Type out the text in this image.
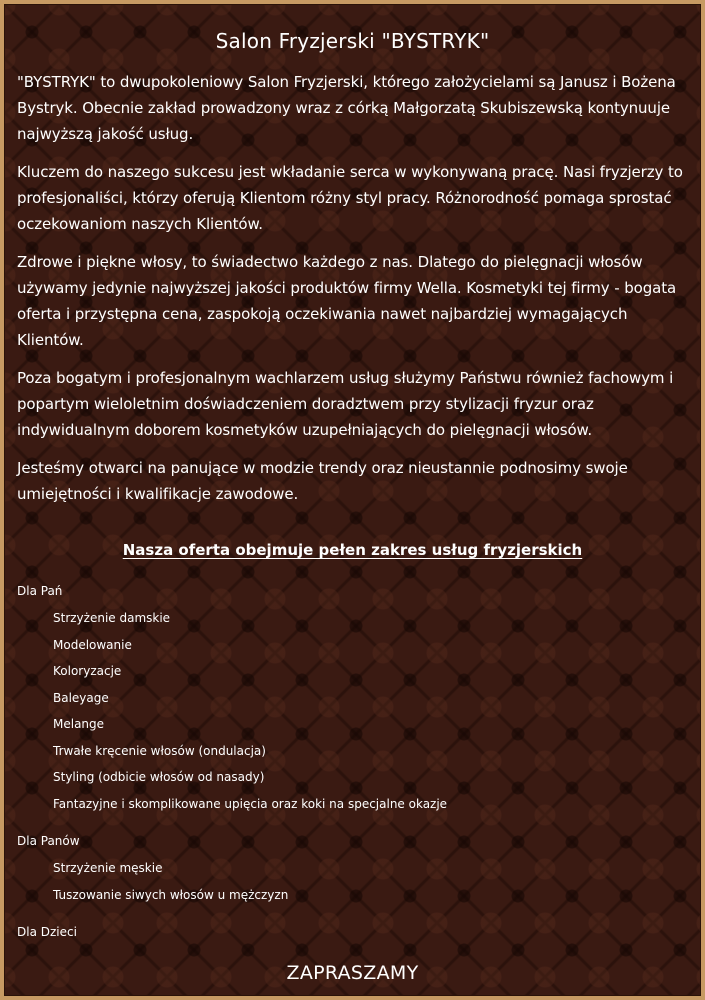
Salon Fryzjerski "BYSTRYK"

"BYSTRYK" to dwupokoleniowy Salon Fryzjerski, którego założycielami są Janusz i Bożena Bystryk. Obecnie zakład prowadzony wraz z córką Małgorzatą Skubiszewską kontynuuje najwyższą jakość usług.

Kluczem do naszego sukcesu jest wkładanie serca w wykonywaną pracę. Nasi fryzjerzy to profesjonaliści, którzy oferują Klientom różny styl pracy. Różnorodność pomaga sprostać oczekowaniom naszych Klientów.

Zdrowe i piękne włosy, to świadectwo każdego z nas. Dlatego do pielęgnacji włosów używamy jedynie najwyższej jakości produktów firmy Wella. Kosmetyki tej firmy - bogata oferta i przystępna cena, zaspokoją oczekiwania nawet najbardziej wymagających Klientów.

Poza bogatym i profesjonalnym wachlarzem usług służymy Państwu również fachowym i popartym wieloletnim doświadczeniem doradztwem przy stylizacji fryzur oraz indywidualnym doborem kosmetyków uzupełniających do pielęgnacji włosów.

Jesteśmy otwarci na panujące w modzie trendy oraz nieustannie podnosimy swoje umiejętności i kwalifikacje zawodowe.

Nasza oferta obejmuje pełen zakres usług fryzjerskich
Dla Pań
Strzyżenie damskie
Modelowanie
Koloryzacje
Baleyage
Melange
Trwałe kręcenie włosów (ondulacja)
Styling (odbicie włosów od nasady)
Fantazyjne i skomplikowane upięcia oraz koki na specjalne okazje
Dla Panów
Strzyżenie męskie
Tuszowanie siwych włosów u mężczyzn
Dla Dzieci
ZAPRASZAMY
